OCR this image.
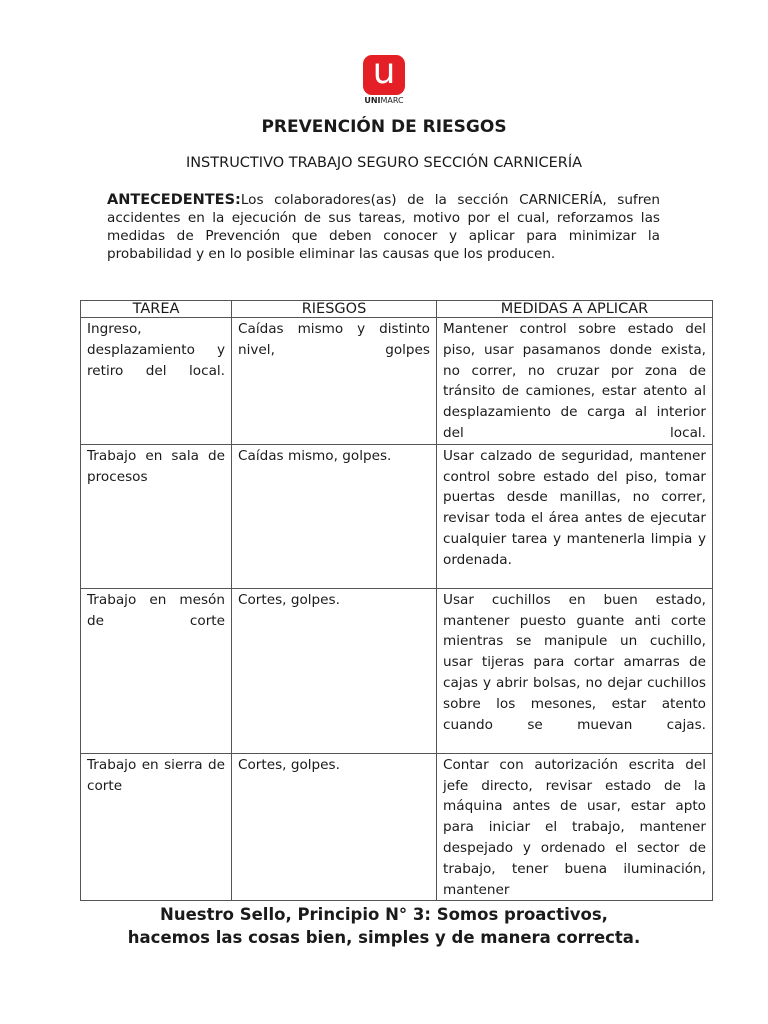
u
UNIMARC
PREVENCIÓN DE RIESGOS
INSTRUCTIVO TRABAJO SEGURO SECCIÓN CARNICERÍA
ANTECEDENTES:Los colaboradores(as) de la sección CARNICERÍA, sufren accidentes en la ejecución de sus tareas, motivo por el cual, reforzamos las medidas de Prevención que deben conocer y aplicar para minimizar la probabilidad y en lo posible eliminar las causas que los producen.
TAREA	RIESGOS	MEDIDAS A APLICAR
Ingreso, desplazamiento y retiro del local.	Caídas mismo y distinto nivel, golpes	Mantener control sobre estado del piso, usar pasamanos donde exista, no correr, no cruzar por zona de tránsito de camiones, estar atento al desplazamiento de carga al interior del local.
Trabajo en sala de procesos	Caídas mismo, golpes.	Usar calzado de seguridad, mantener control sobre estado del piso, tomar puertas desde manillas, no correr, revisar toda el área antes de ejecutar cualquier tarea y mantenerla limpia y ordenada.
Trabajo en mesón de corte	Cortes, golpes.	Usar cuchillos en buen estado, mantener puesto guante anti corte mientras se manipule un cuchillo, usar tijeras para cortar amarras de cajas y abrir bolsas, no dejar cuchillos sobre los mesones, estar atento cuando se muevan cajas.
Trabajo en sierra de corte	Cortes, golpes.	Contar con autorización escrita del jefe directo, revisar estado de la máquina antes de usar, estar apto para iniciar el trabajo, mantener despejado y ordenado el sector de trabajo, tener buena iluminación, mantener
Nuestro Sello, Principio N° 3: Somos proactivos,
hacemos las cosas bien, simples y de manera correcta.
